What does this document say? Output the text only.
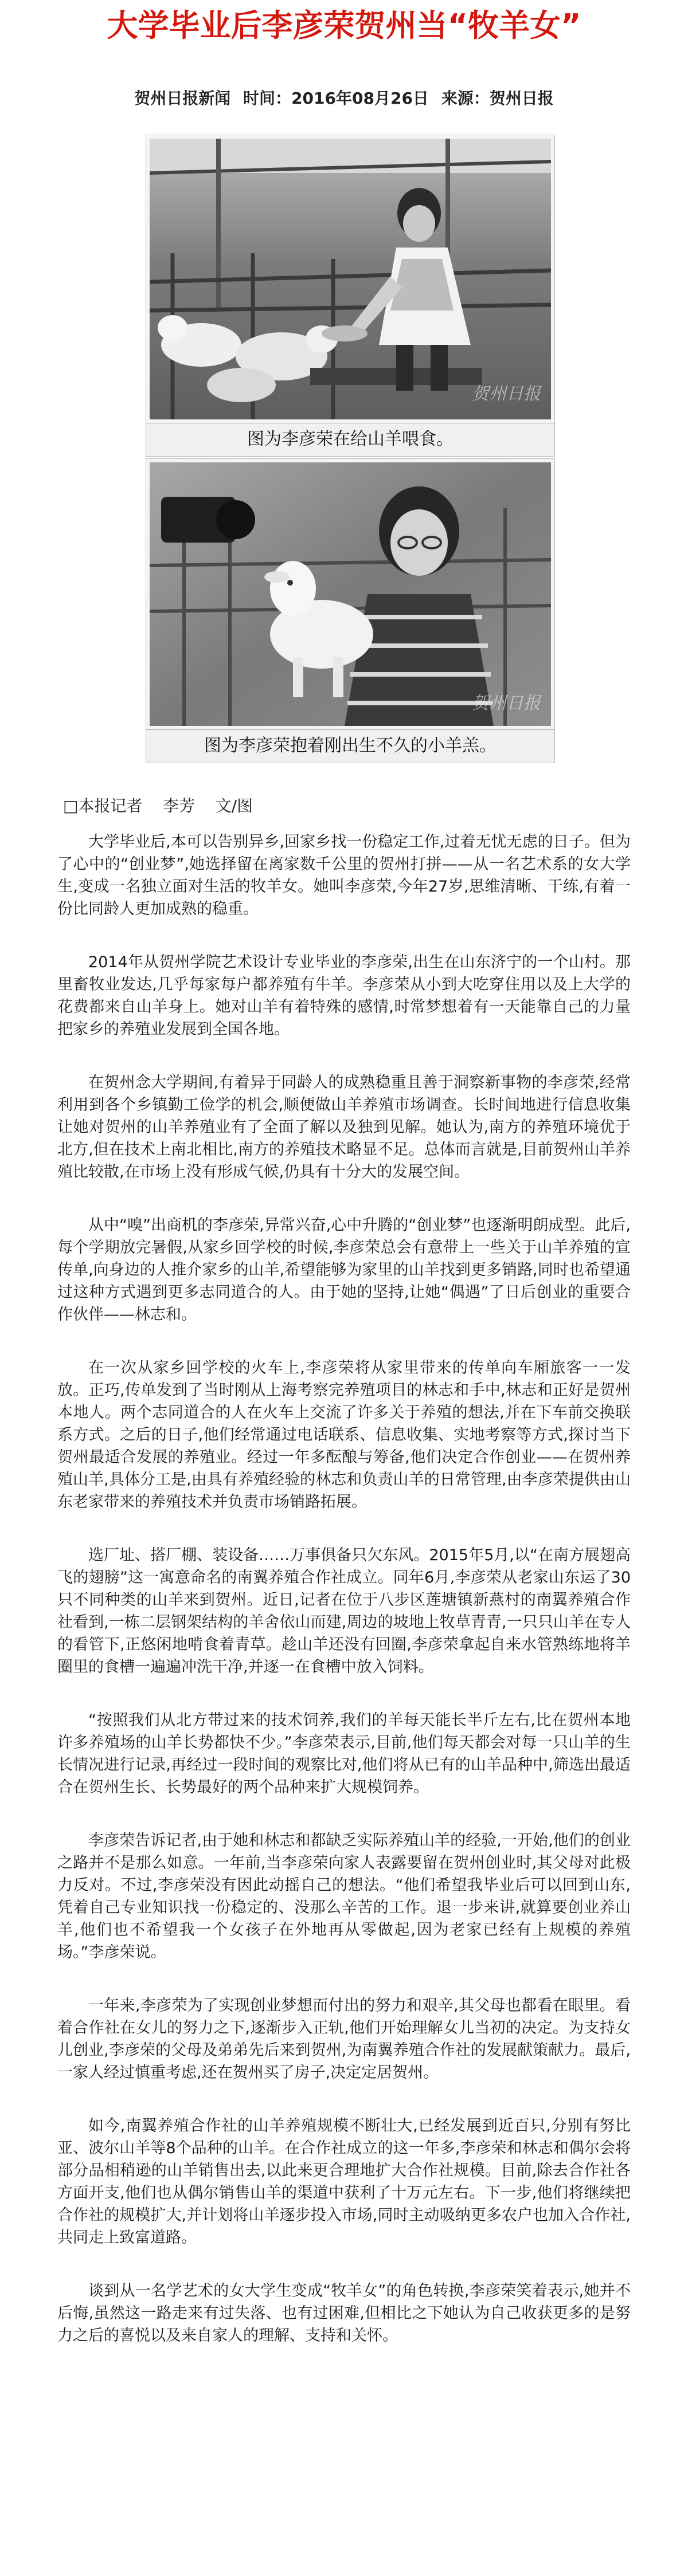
大学毕业后李彦荣贺州当“牧羊女”
贺州日报新闻 时间：2016年08月26日 来源：贺州日报
贺州日报
图为李彦荣在给山羊喂食。
贺州日报
图为李彦荣抱着刚出生不久的小羊羔。
□本报记者    李芳    文/图

大学毕业后,本可以告别异乡,回家乡找一份稳定工作,过着无忧无虑的日子。但为了心中的“创业梦”,她选择留在离家数千公里的贺州打拼——从一名艺术系的女大学生,变成一名独立面对生活的牧羊女。她叫李彦荣,今年27岁,思维清晰、干练,有着一份比同龄人更加成熟的稳重。

2014年从贺州学院艺术设计专业毕业的李彦荣,出生在山东济宁的一个山村。那里畜牧业发达,几乎每家每户都养殖有牛羊。李彦荣从小到大吃穿住用以及上大学的花费都来自山羊身上。她对山羊有着特殊的感情,时常梦想着有一天能靠自己的力量把家乡的养殖业发展到全国各地。

在贺州念大学期间,有着异于同龄人的成熟稳重且善于洞察新事物的李彦荣,经常利用到各个乡镇勤工俭学的机会,顺便做山羊养殖市场调查。长时间地进行信息收集让她对贺州的山羊养殖业有了全面了解以及独到见解。她认为,南方的养殖环境优于北方,但在技术上南北相比,南方的养殖技术略显不足。总体而言就是,目前贺州山羊养殖比较散,在市场上没有形成气候,仍具有十分大的发展空间。

从中“嗅”出商机的李彦荣,异常兴奋,心中升腾的“创业梦”也逐渐明朗成型。此后,每个学期放完暑假,从家乡回学校的时候,李彦荣总会有意带上一些关于山羊养殖的宣传单,向身边的人推介家乡的山羊,希望能够为家里的山羊找到更多销路,同时也希望通过这种方式遇到更多志同道合的人。由于她的坚持,让她“偶遇”了日后创业的重要合作伙伴——林志和。

在一次从家乡回学校的火车上,李彦荣将从家里带来的传单向车厢旅客一一发放。正巧,传单发到了当时刚从上海考察完养殖项目的林志和手中,林志和正好是贺州本地人。两个志同道合的人在火车上交流了许多关于养殖的想法,并在下车前交换联系方式。之后的日子,他们经常通过电话联系、信息收集、实地考察等方式,探讨当下贺州最适合发展的养殖业。经过一年多酝酿与筹备,他们决定合作创业——在贺州养殖山羊,具体分工是,由具有养殖经验的林志和负责山羊的日常管理,由李彦荣提供由山东老家带来的养殖技术并负责市场销路拓展。

选厂址、搭厂棚、装设备……万事俱备只欠东风。2015年5月,以“在南方展翅高飞的翅膀”这一寓意命名的南翼养殖合作社成立。同年6月,李彦荣从老家山东运了30只不同种类的山羊来到贺州。近日,记者在位于八步区莲塘镇新燕村的南翼养殖合作社看到,一栋二层钢架结构的羊舍依山而建,周边的坡地上牧草青青,一只只山羊在专人的看管下,正悠闲地啃食着青草。趁山羊还没有回圈,李彦荣拿起自来水管熟练地将羊圈里的食槽一遍遍冲洗干净,并逐一在食槽中放入饲料。

“按照我们从北方带过来的技术饲养,我们的羊每天能长半斤左右,比在贺州本地许多养殖场的山羊长势都快不少。”李彦荣表示,目前,他们每天都会对每一只山羊的生长情况进行记录,再经过一段时间的观察比对,他们将从已有的山羊品种中,筛选出最适合在贺州生长、长势最好的两个品种来扩大规模饲养。

李彦荣告诉记者,由于她和林志和都缺乏实际养殖山羊的经验,一开始,他们的创业之路并不是那么如意。一年前,当李彦荣向家人表露要留在贺州创业时,其父母对此极力反对。不过,李彦荣没有因此动摇自己的想法。“他们希望我毕业后可以回到山东,凭着自己专业知识找一份稳定的、没那么辛苦的工作。退一步来讲,就算要创业养山羊,他们也不希望我一个女孩子在外地再从零做起,因为老家已经有上规模的养殖场。”李彦荣说。

一年来,李彦荣为了实现创业梦想而付出的努力和艰辛,其父母也都看在眼里。看着合作社在女儿的努力之下,逐渐步入正轨,他们开始理解女儿当初的决定。为支持女儿创业,李彦荣的父母及弟弟先后来到贺州,为南翼养殖合作社的发展献策献力。最后,一家人经过慎重考虑,还在贺州买了房子,决定定居贺州。

如今,南翼养殖合作社的山羊养殖规模不断壮大,已经发展到近百只,分别有努比亚、波尔山羊等8个品种的山羊。在合作社成立的这一年多,李彦荣和林志和偶尔会将部分品相稍逊的山羊销售出去,以此来更合理地扩大合作社规模。目前,除去合作社各方面开支,他们也从偶尔销售山羊的渠道中获利了十万元左右。下一步,他们将继续把合作社的规模扩大,并计划将山羊逐步投入市场,同时主动吸纳更多农户也加入合作社,共同走上致富道路。

谈到从一名学艺术的女大学生变成“牧羊女”的角色转换,李彦荣笑着表示,她并不后悔,虽然这一路走来有过失落、也有过困难,但相比之下她认为自己收获更多的是努力之后的喜悦以及来自家人的理解、支持和关怀。
